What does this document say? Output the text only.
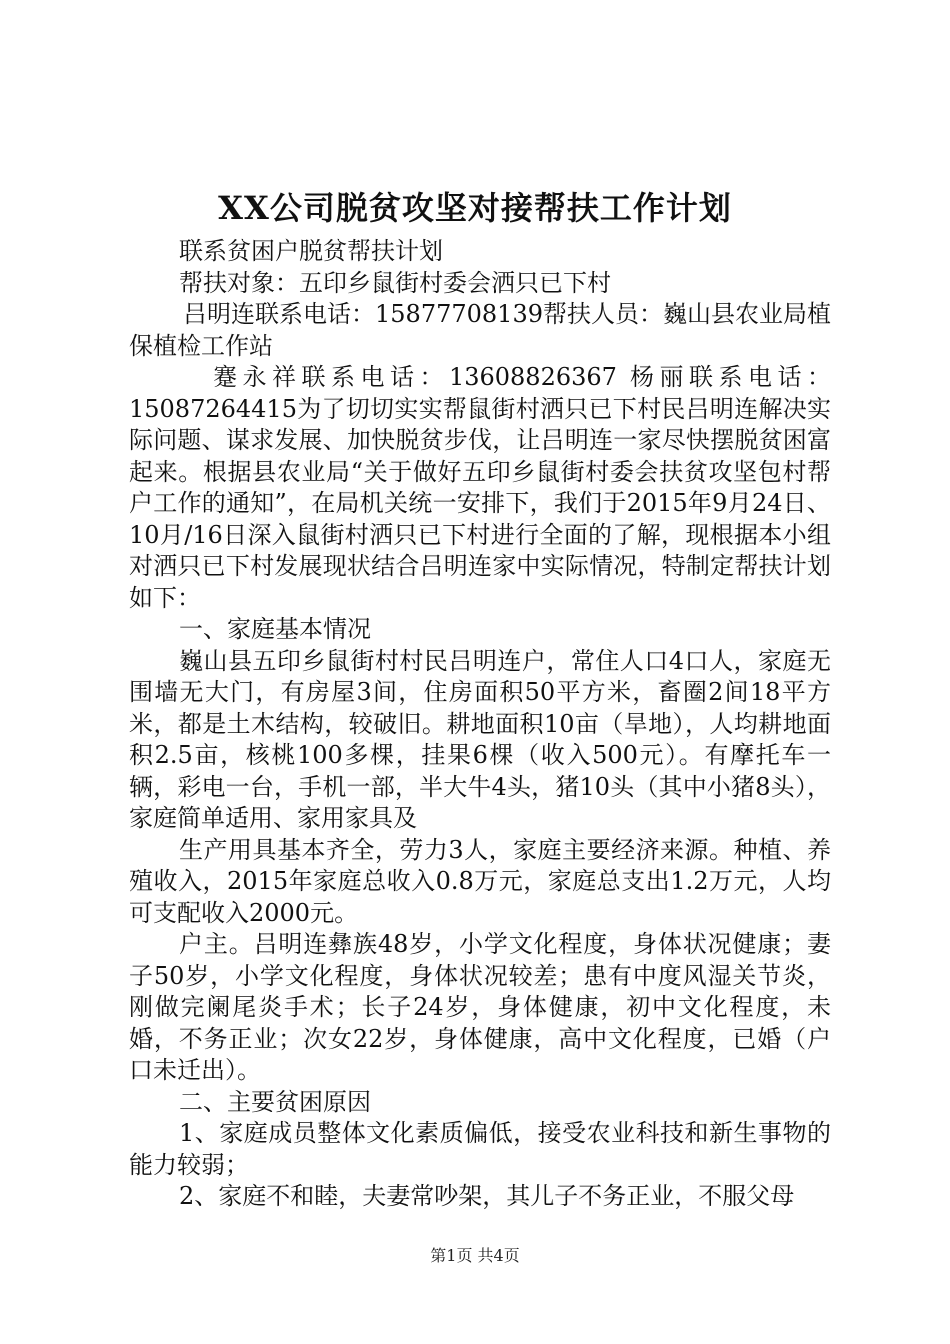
XX公司脱贫攻坚对接帮扶工作计划

联系贫困户脱贫帮扶计划

帮扶对象：五印乡鼠街村委会洒只已下村

吕明连联系电话：15877708139帮扶人员：巍山县农业局植保植检工作站

蹇永祥联系电话：13608826367 杨丽联系电话：15087264415为了切切实实帮鼠街村洒只已下村民吕明连解决实际问题、谋求发展、加快脱贫步伐，让吕明连一家尽快摆脱贫困富起来。根据县农业局“关于做好五印乡鼠街村委会扶贫攻坚包村帮户工作的通知”，在局机关统一安排下，我们于2015年9月24日、10月/16日深入鼠街村洒只已下村进行全面的了解，现根据本小组对洒只已下村发展现状结合吕明连家中实际情况，特制定帮扶计划如下：

一、家庭基本情况

巍山县五印乡鼠街村村民吕明连户，常住人口4口人，家庭无围墙无大门，有房屋3间，住房面积50平方米，畜圈2间18平方米，都是土木结构，较破旧。耕地面积10亩（旱地），人均耕地面积2.5亩，核桃100多棵，挂果6棵（收入500元）。有摩托车一辆，彩电一台，手机一部，半大牛4头，猪10头（其中小猪8头），家庭简单适用、家用家具及

生产用具基本齐全，劳力3人，家庭主要经济来源。种植、养殖收入，2015年家庭总收入0.8万元，家庭总支出1.2万元，人均可支配收入2000元。

户主。吕明连彝族48岁，小学文化程度，身体状况健康；妻子50岁，小学文化程度，身体状况较差；患有中度风湿关节炎，刚做完阑尾炎手术；长子24岁，身体健康，初中文化程度，未婚，不务正业；次女22岁，身体健康，高中文化程度，已婚（户口未迁出）。

二、主要贫困原因

1、家庭成员整体文化素质偏低，接受农业科技和新生事物的能力较弱；

2、家庭不和睦，夫妻常吵架，其儿子不务正业，不服父母

第1页 共4页
